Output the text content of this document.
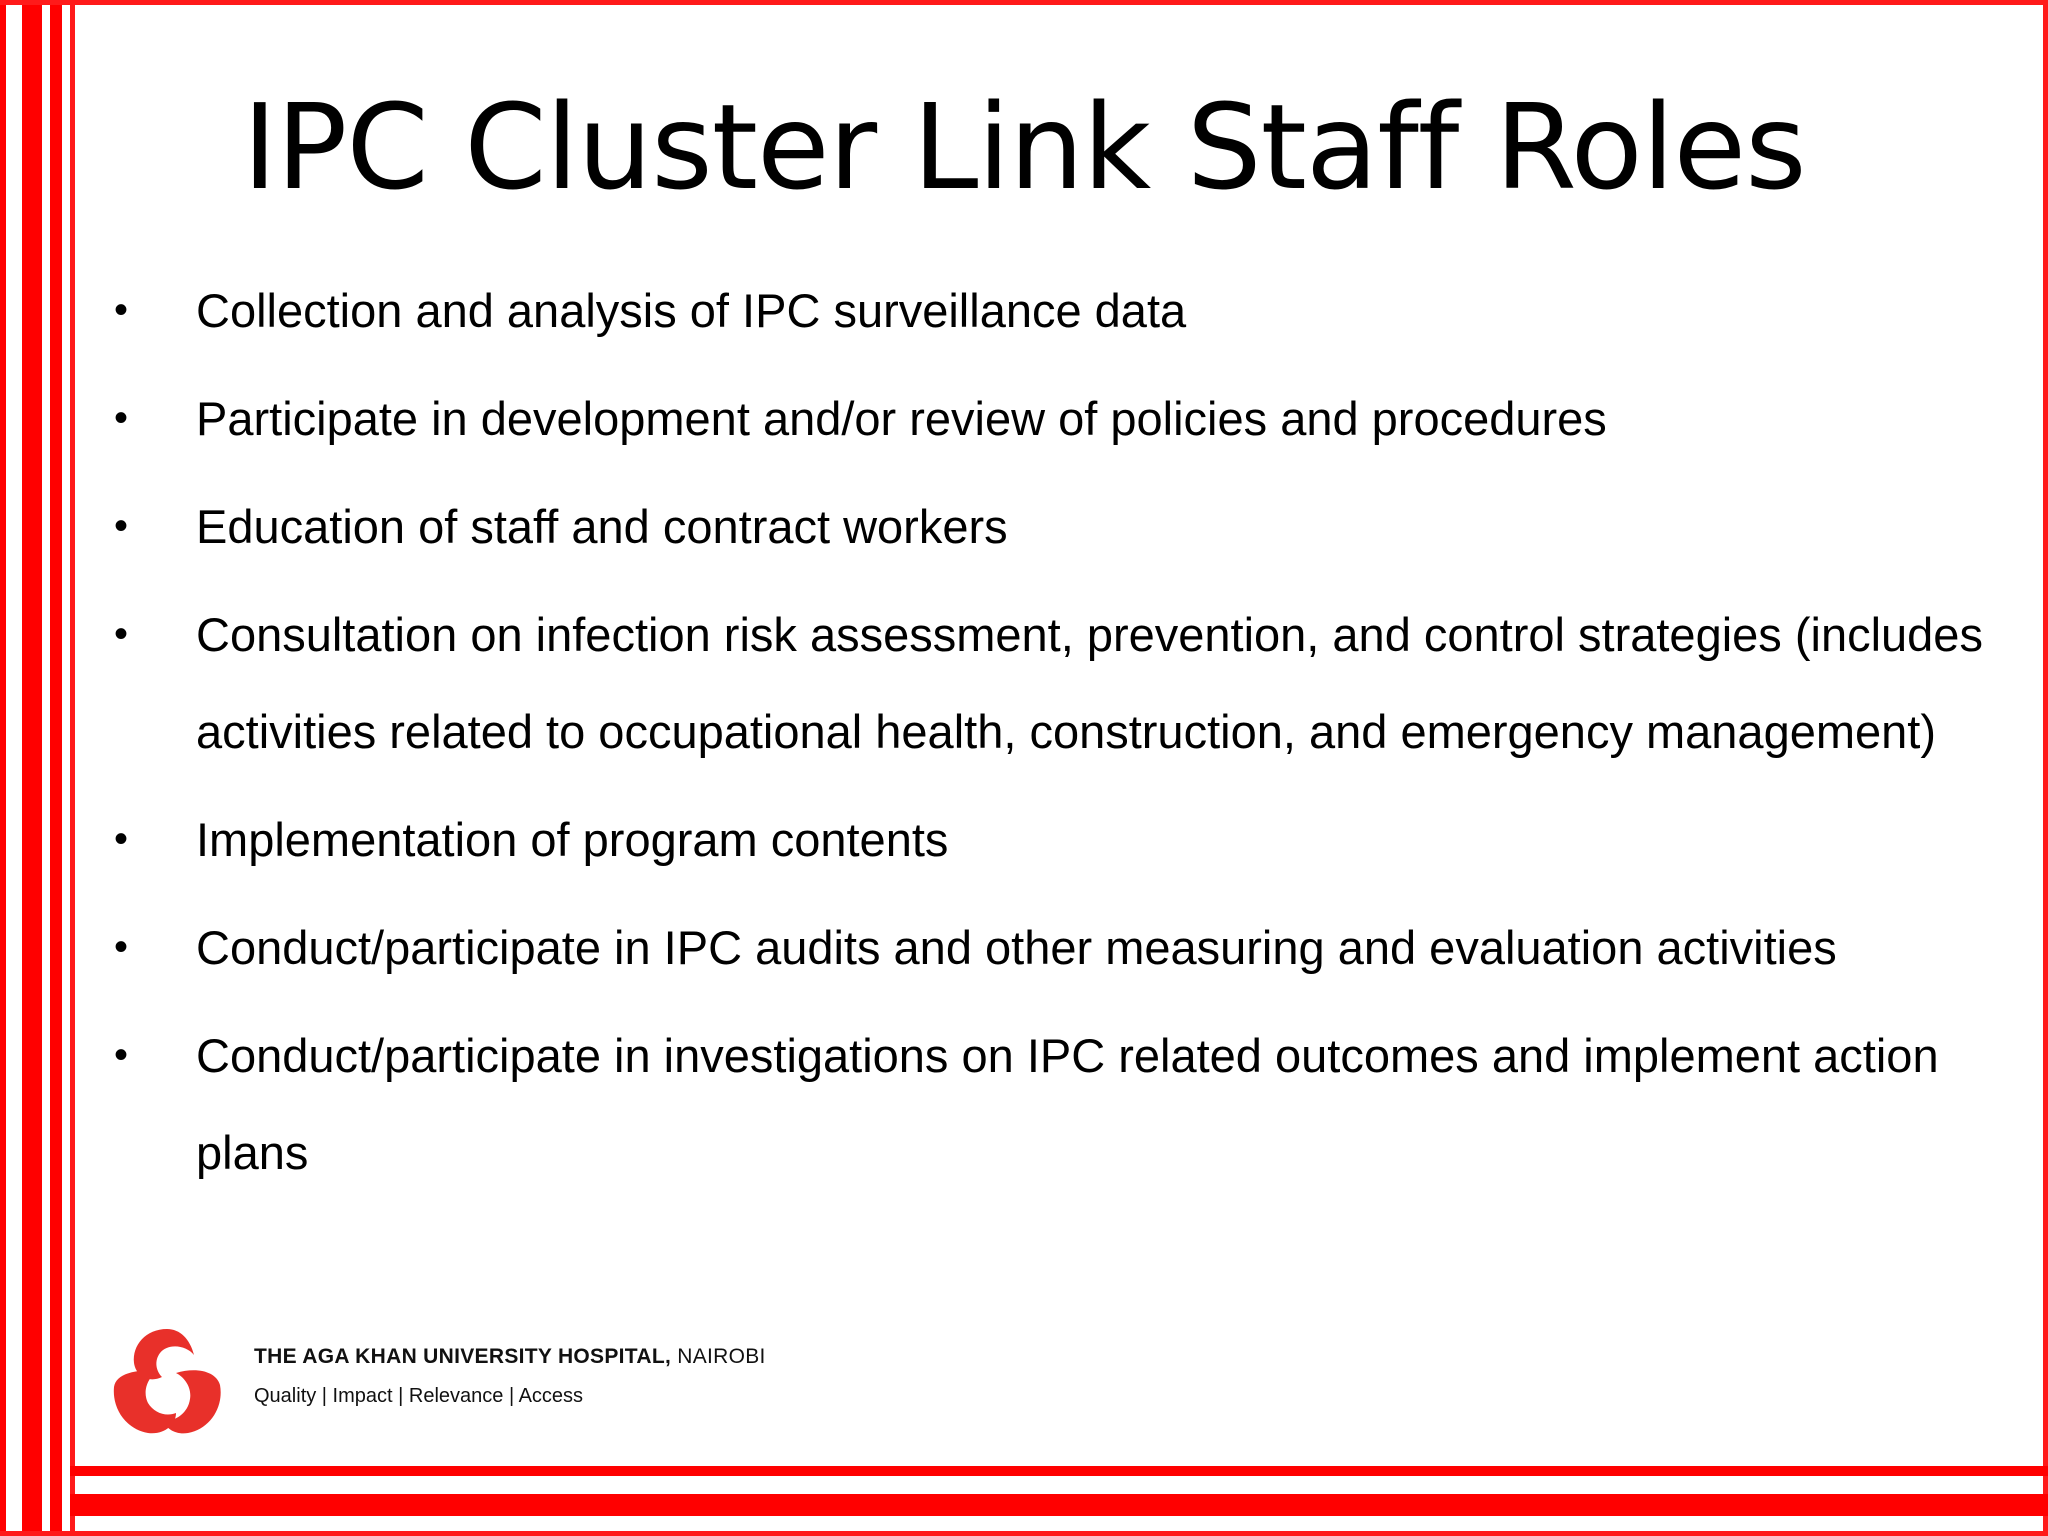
IPC Cluster Link Staff Roles
• Collection and analysis of IPC surveillance data
• Participate in development and/or review of policies and procedures
• Education of staff and contract workers
• Consultation on infection risk assessment, prevention, and control strategies (includes activities related to occupational health, construction, and emergency management)
• Implementation of program contents
• Conduct/participate in IPC audits and other measuring and evaluation activities
• Conduct/participate in investigations on IPC related outcomes and implement action plans
THE AGA KHAN UNIVERSITY HOSPITAL, NAIROBI
Quality | Impact | Relevance | Access
